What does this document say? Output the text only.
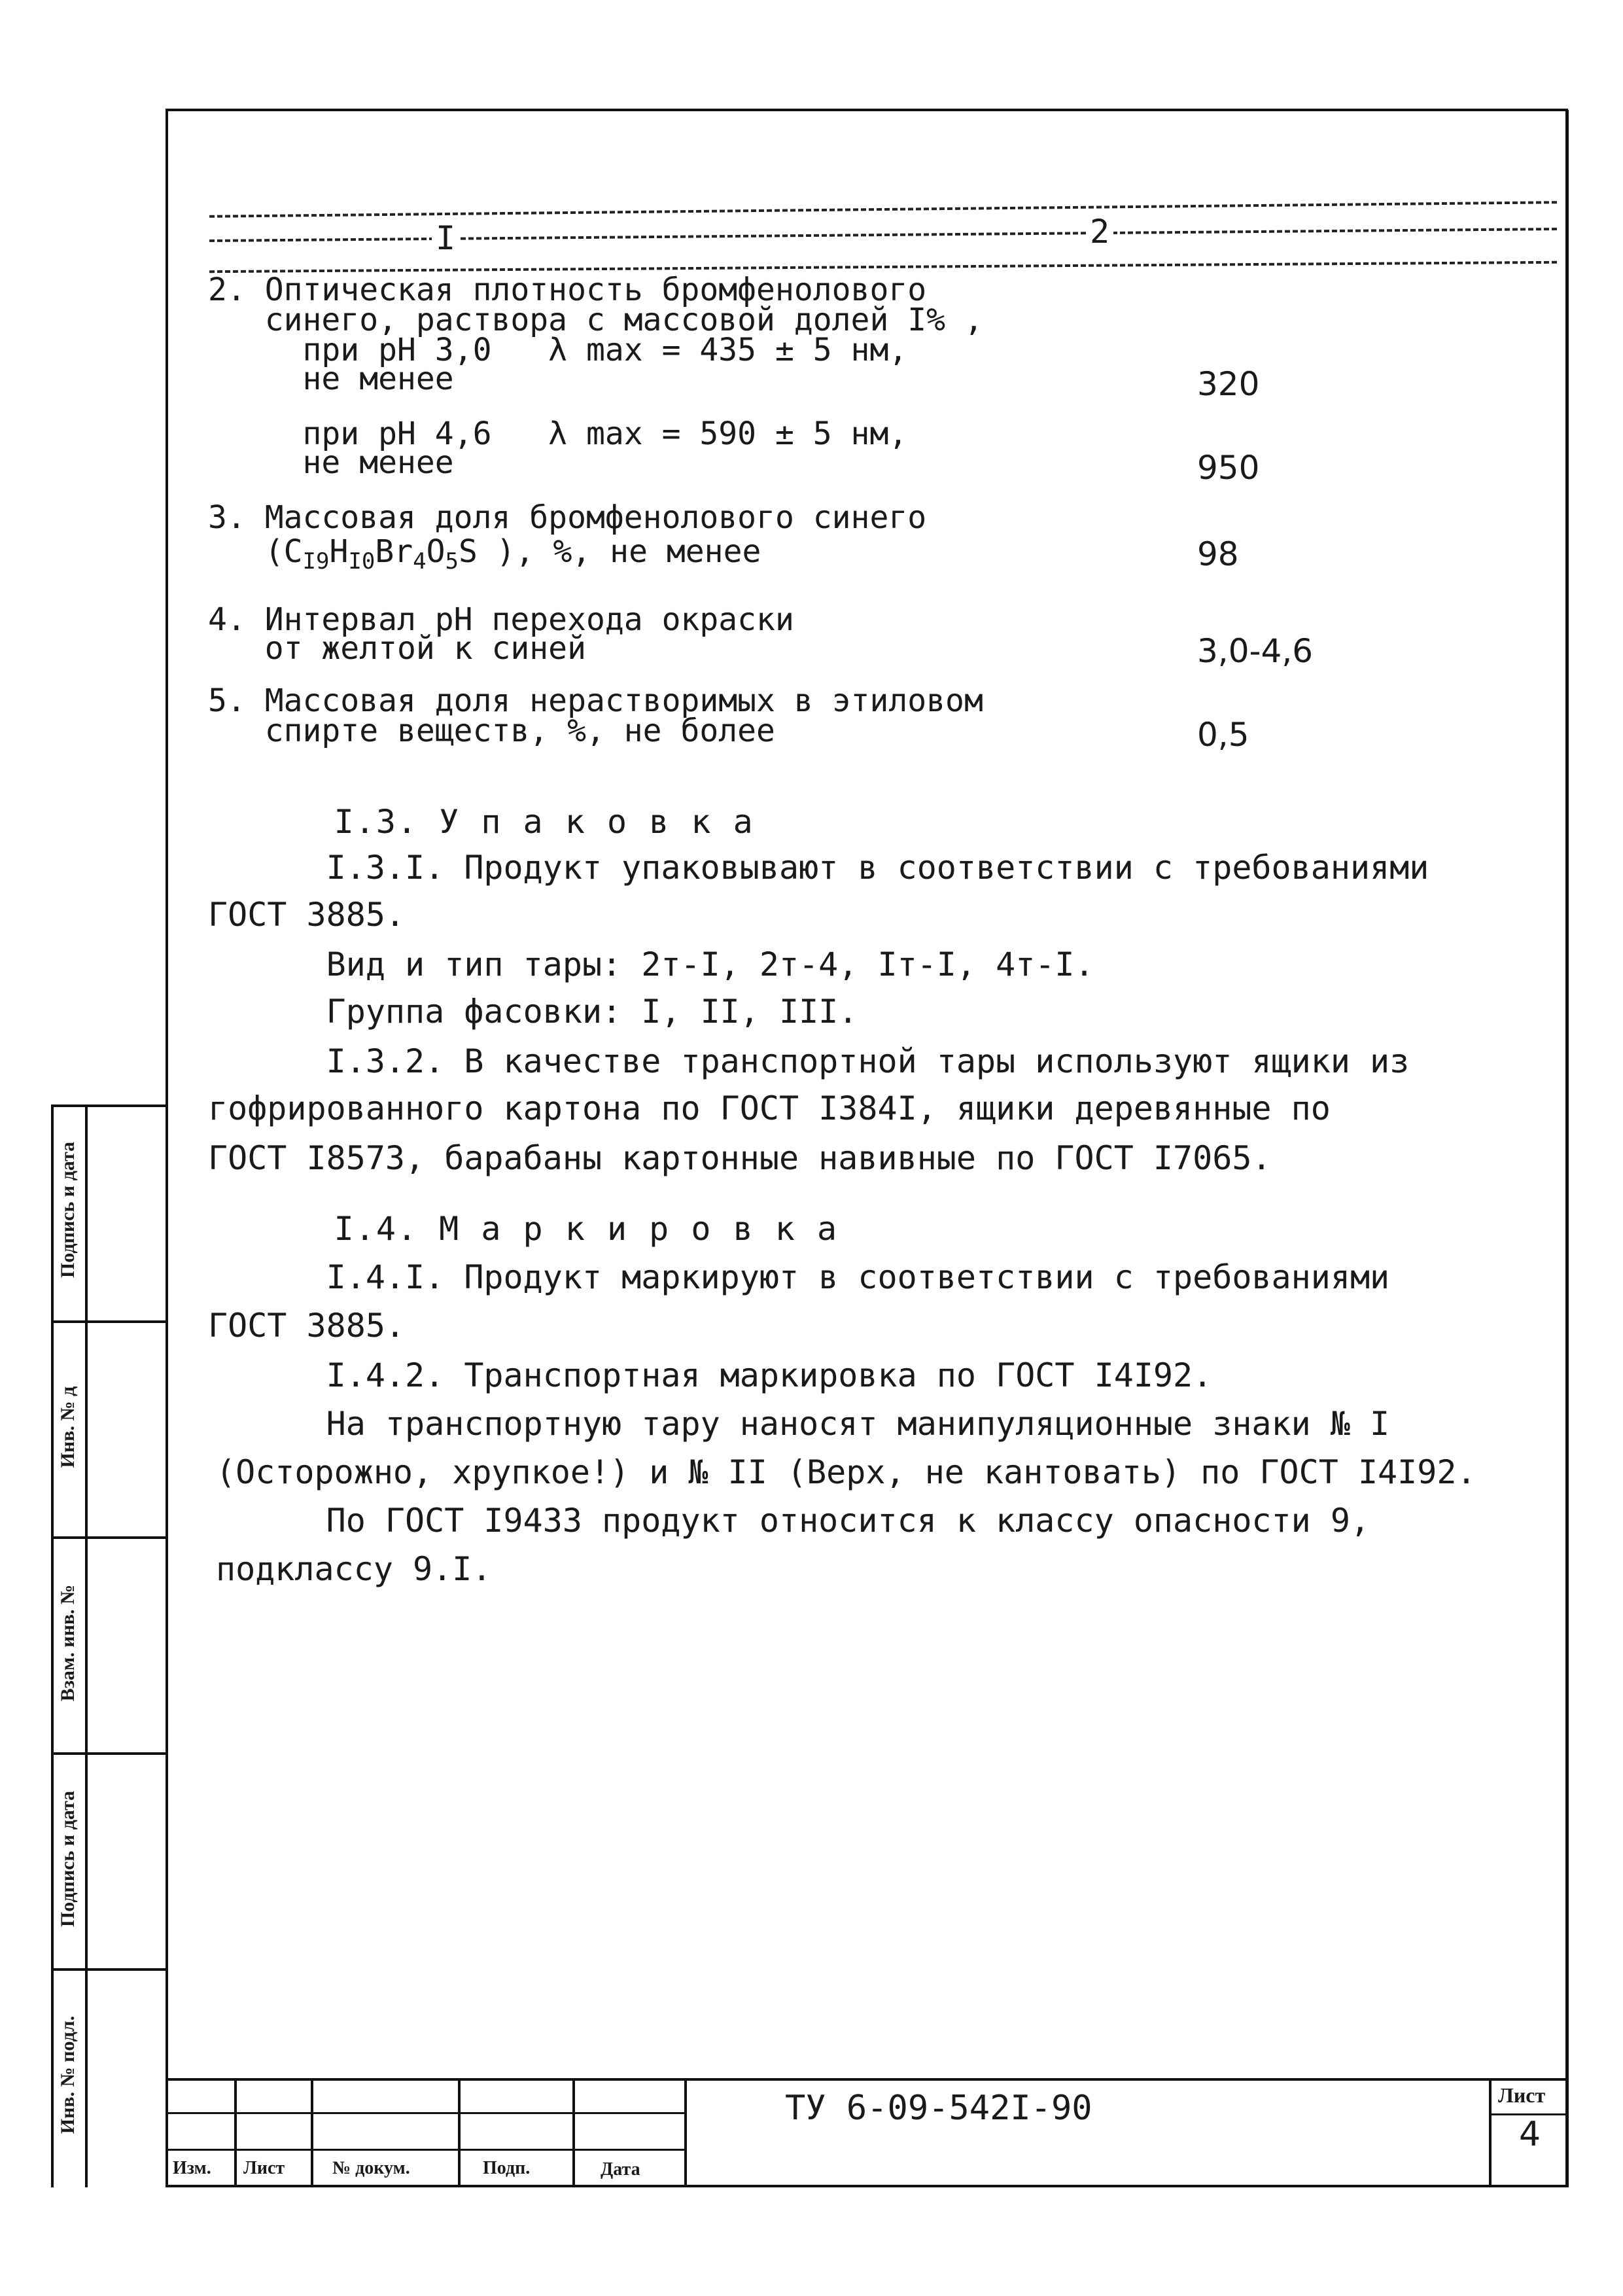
Подпись и дата
Инв. № д
Взам. инв. №
Подпись и дата
Инв. № подл.
I	2
2. Оптическая плотность бромфенолового
синего, раствора с массовой долей I% ,
при pH 3,0   λ max = 435 ± 5 нм,
не менее	320
при pH 4,6   λ max = 590 ± 5 нм,
не менее	950
3. Массовая доля бромфенолового синего
($C_{I9}H_{I0}Br_4O_5S$ ), %, не менее	98
4. Интервал pH перехода окраски
от желтой к синей	3,0-4,6
5. Массовая доля нерастворимых в этиловом
спирте веществ, %, не более	0,5
I.3. У п а к о в к а
I.3.I. Продукт упаковывают в соответствии с требованиями
ГОСТ 3885.
Вид и тип тары: 2т-I, 2т-4, Iт-I, 4т-I.
Группа фасовки: I, II, III.
I.3.2. В качестве транспортной тары используют ящики из
гофрированного картона по ГОСТ I384I, ящики деревянные по
ГОСТ I8573, барабаны картонные навивные по ГОСТ I7065.
I.4. М а р к и р о в к а
I.4.I. Продукт маркируют в соответствии с требованиями
ГОСТ 3885.
I.4.2. Транспортная маркировка по ГОСТ I4I92.
На транспортную тару наносят манипуляционные знаки № I
(Осторожно, хрупкое!) и № II (Верх, не кантовать) по ГОСТ I4I92.
По ГОСТ I9433 продукт относится к классу опасности 9,
подклассу 9.I.
Изм. Лист	№ докум.	Подп.	Дата
ТУ 6-09-542I-90	Лист
4
